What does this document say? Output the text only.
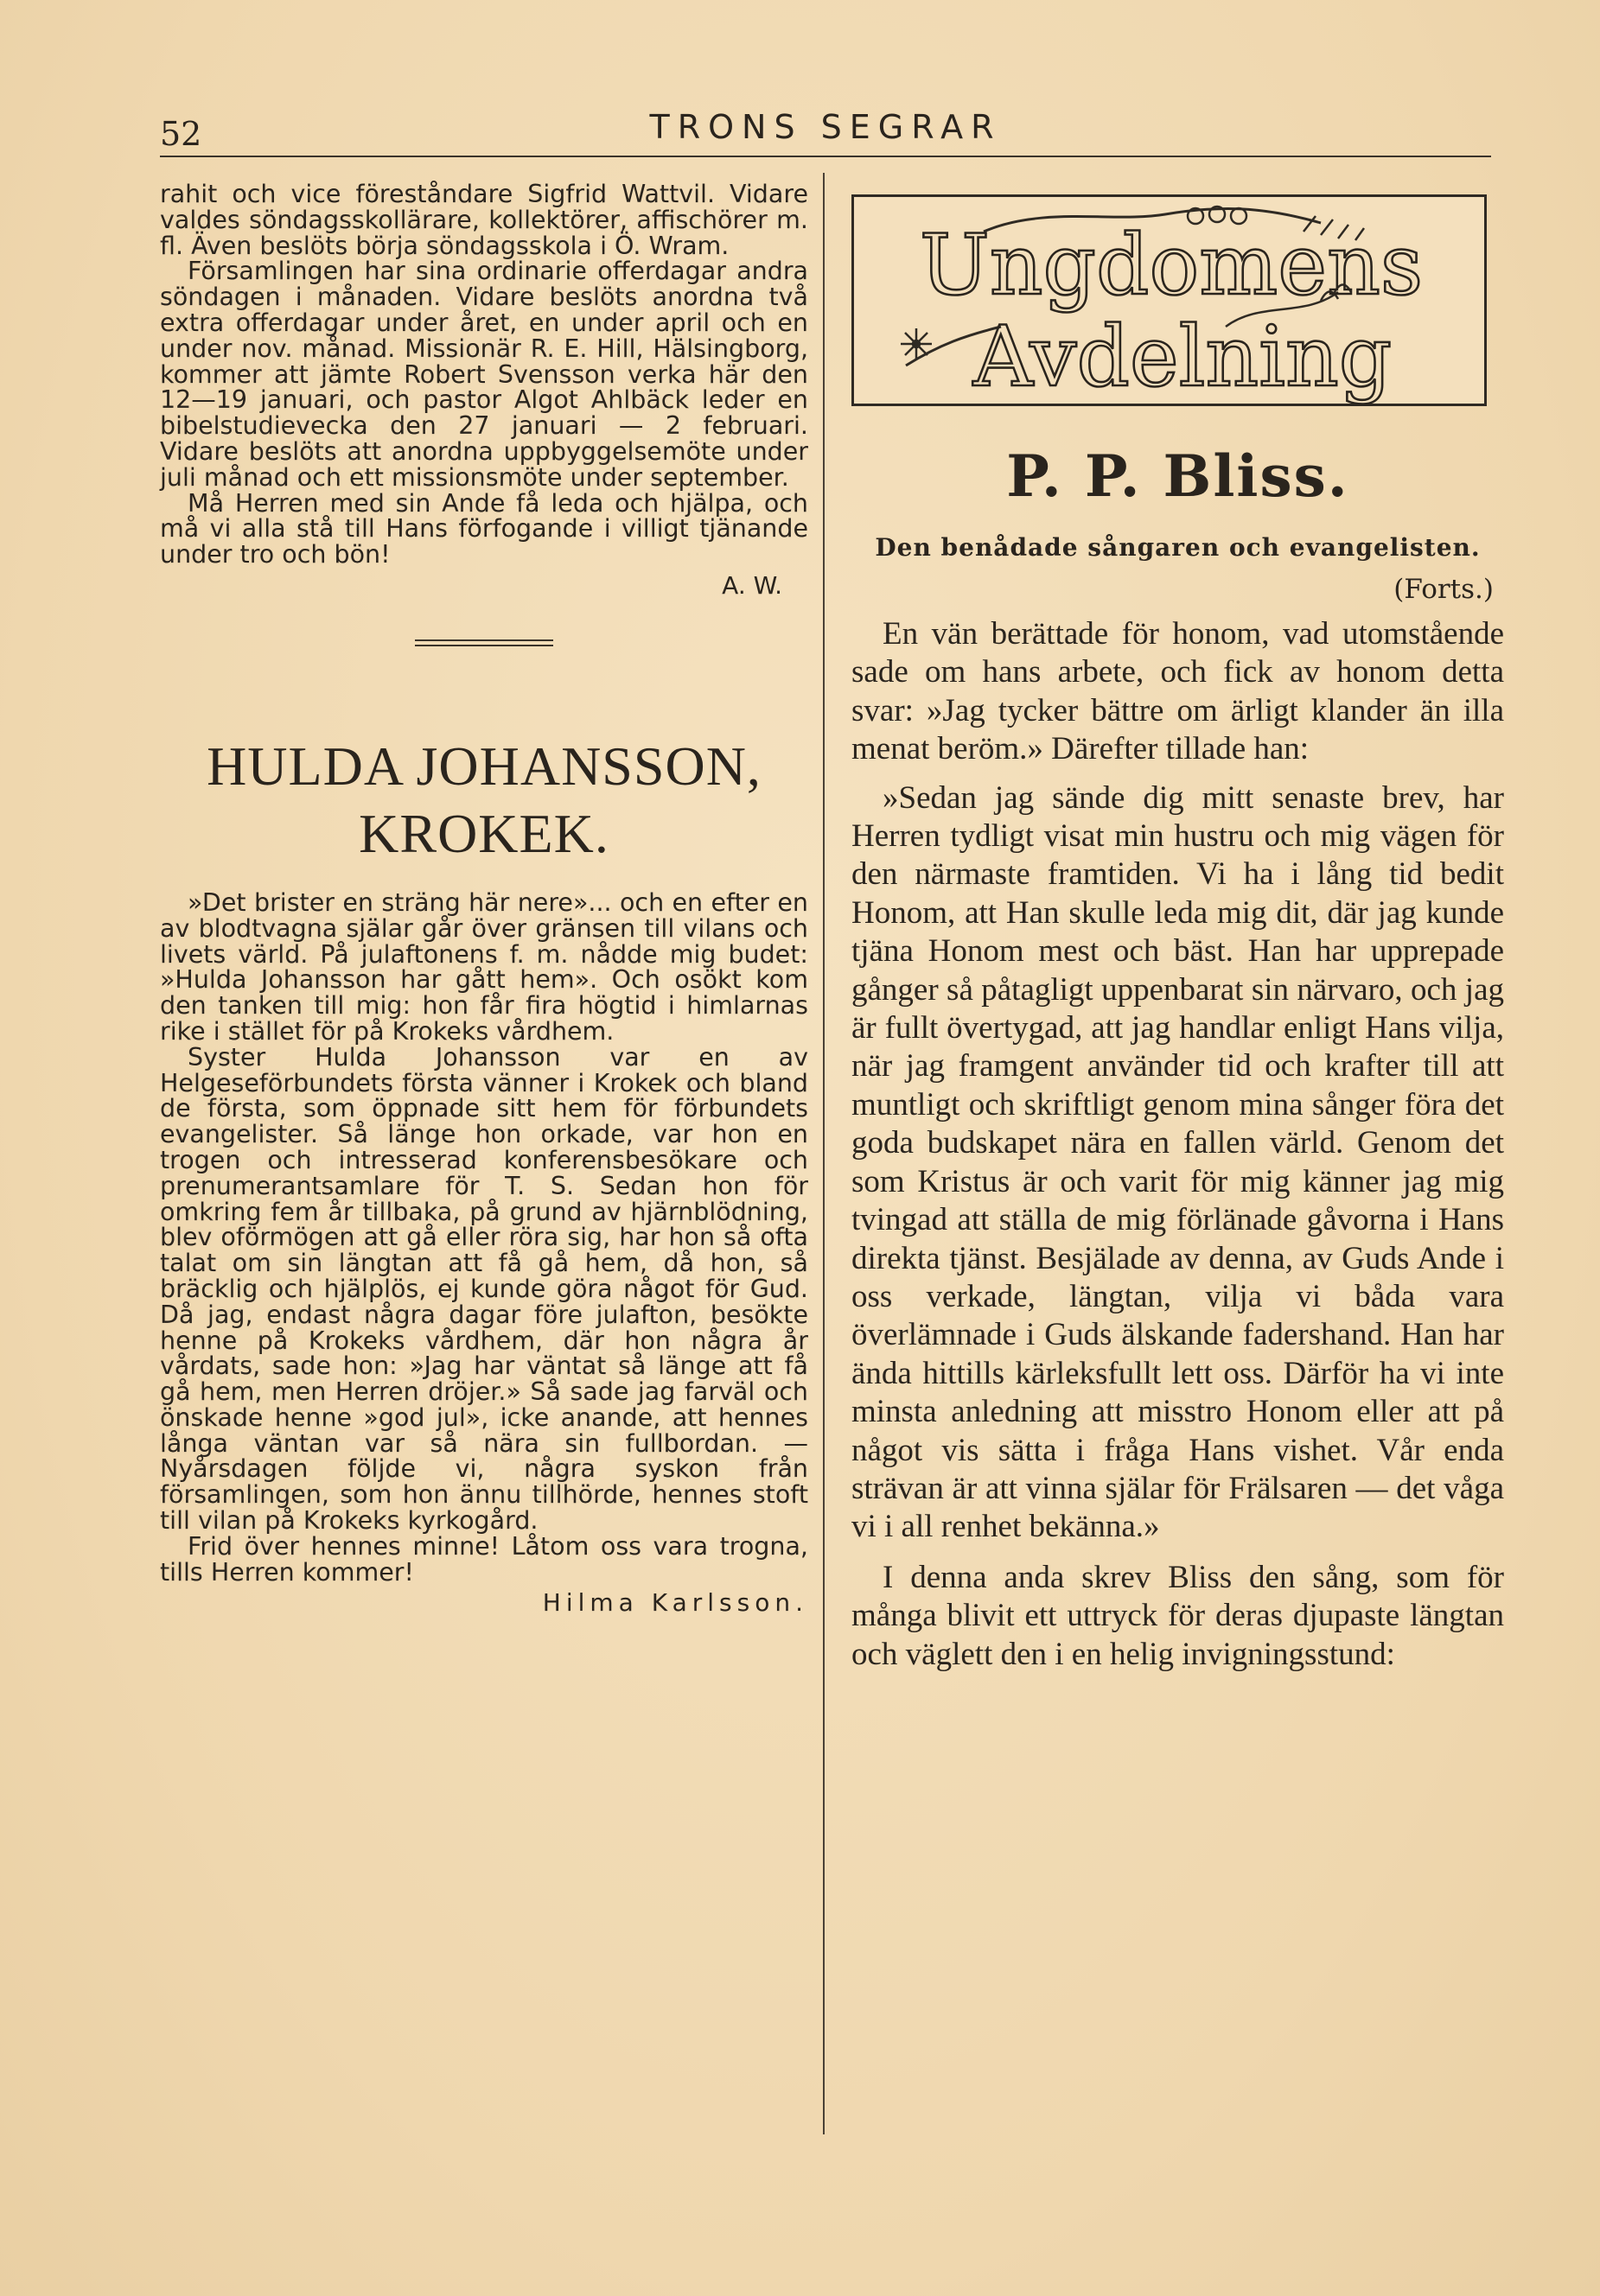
52	TRONS SEGRAR

rahit och vice föreståndare Sigfrid Wattvil. Vidare valdes söndagsskollärare, kollektörer, affischörer m. fl. Även beslöts börja söndagsskola i Ö. Wram.

Församlingen har sina ordinarie offerdagar andra söndagen i månaden. Vidare beslöts anordna två extra offerdagar under året, en under april och en under nov. månad. Missionär R. E. Hill, Hälsingborg, kommer att jämte Robert Svensson verka här den 12—19 januari, och pastor Algot Ahlbäck leder en bibelstudievecka den 27 januari — 2 februari. Vidare beslöts att anordna uppbyggelsemöte under juli månad och ett missionsmöte under september.

Må Herren med sin Ande få leda och hjälpa, och må vi alla stå till Hans förfogande i villigt tjänande under tro och bön!

A. W.
HULDA JOHANSSON, KROKEK.

»Det brister en sträng här nere»... och en efter en av blodtvagna själar går över gränsen till vilans och livets värld. På julaftonens f. m. nådde mig budet: »Hulda Johansson har gått hem». Och osökt kom den tanken till mig: hon får fira högtid i himlarnas rike i stället för på Krokeks vårdhem.

Syster Hulda Johansson var en av Helgeseförbundets första vänner i Krokek och bland de första, som öppnade sitt hem för förbundets evangelister. Så länge hon orkade, var hon en trogen och intresserad konferensbesökare och prenumerantsamlare för T. S. Sedan hon för omkring fem år tillbaka, på grund av hjärnblödning, blev oförmögen att gå eller röra sig, har hon så ofta talat om sin längtan att få gå hem, då hon, så bräcklig och hjälplös, ej kunde göra något för Gud. Då jag, endast några dagar före julafton, besökte henne på Krokeks vårdhem, där hon några år vårdats, sade hon: »Jag har väntat så länge att få gå hem, men Herren dröjer.» Så sade jag farväl och önskade henne »god jul», icke anande, att hennes långa väntan var så nära sin fullbordan. — Nyårsdagen följde vi, några syskon från församlingen, som hon ännu tillhörde, hennes stoft till vilan på Krokeks kyrkogård.

Frid över hennes minne! Låtom oss vara trogna, tills Herren kommer!

Hilma Karlsson.
Ungdomens
Avdelning
P. P. Bliss.

Den benådade sångaren och evangelisten.

(Forts.)

En vän berättade för honom, vad utomstående sade om hans arbete, och fick av honom detta svar: »Jag tycker bättre om ärligt klander än illa menat beröm.» Därefter tillade han:

»Sedan jag sände dig mitt senaste brev, har Herren tydligt visat min hustru och mig vägen för den närmaste framtiden. Vi ha i lång tid bedit Honom, att Han skulle leda mig dit, där jag kunde tjäna Honom mest och bäst. Han har upprepade gånger så påtagligt uppenbarat sin närvaro, och jag är fullt övertygad, att jag handlar enligt Hans vilja, när jag framgent använder tid och krafter till att muntligt och skriftligt genom mina sånger föra det goda budskapet nära en fallen värld. Genom det som Kristus är och varit för mig känner jag mig tvingad att ställa de mig förlänade gåvorna i Hans direkta tjänst. Besjälade av denna, av Guds Ande i oss verkade, längtan, vilja vi båda vara överlämnade i Guds älskande fadershand. Han har ända hittills kärleksfullt lett oss. Därför ha vi inte minsta anledning att misstro Honom eller att på något vis sätta i fråga Hans vishet. Vår enda strävan är att vinna själar för Frälsaren — det våga vi i all renhet bekänna.»

I denna anda skrev Bliss den sång, som för många blivit ett uttryck för deras djupaste längtan och väglett den i en helig invigningsstund:
